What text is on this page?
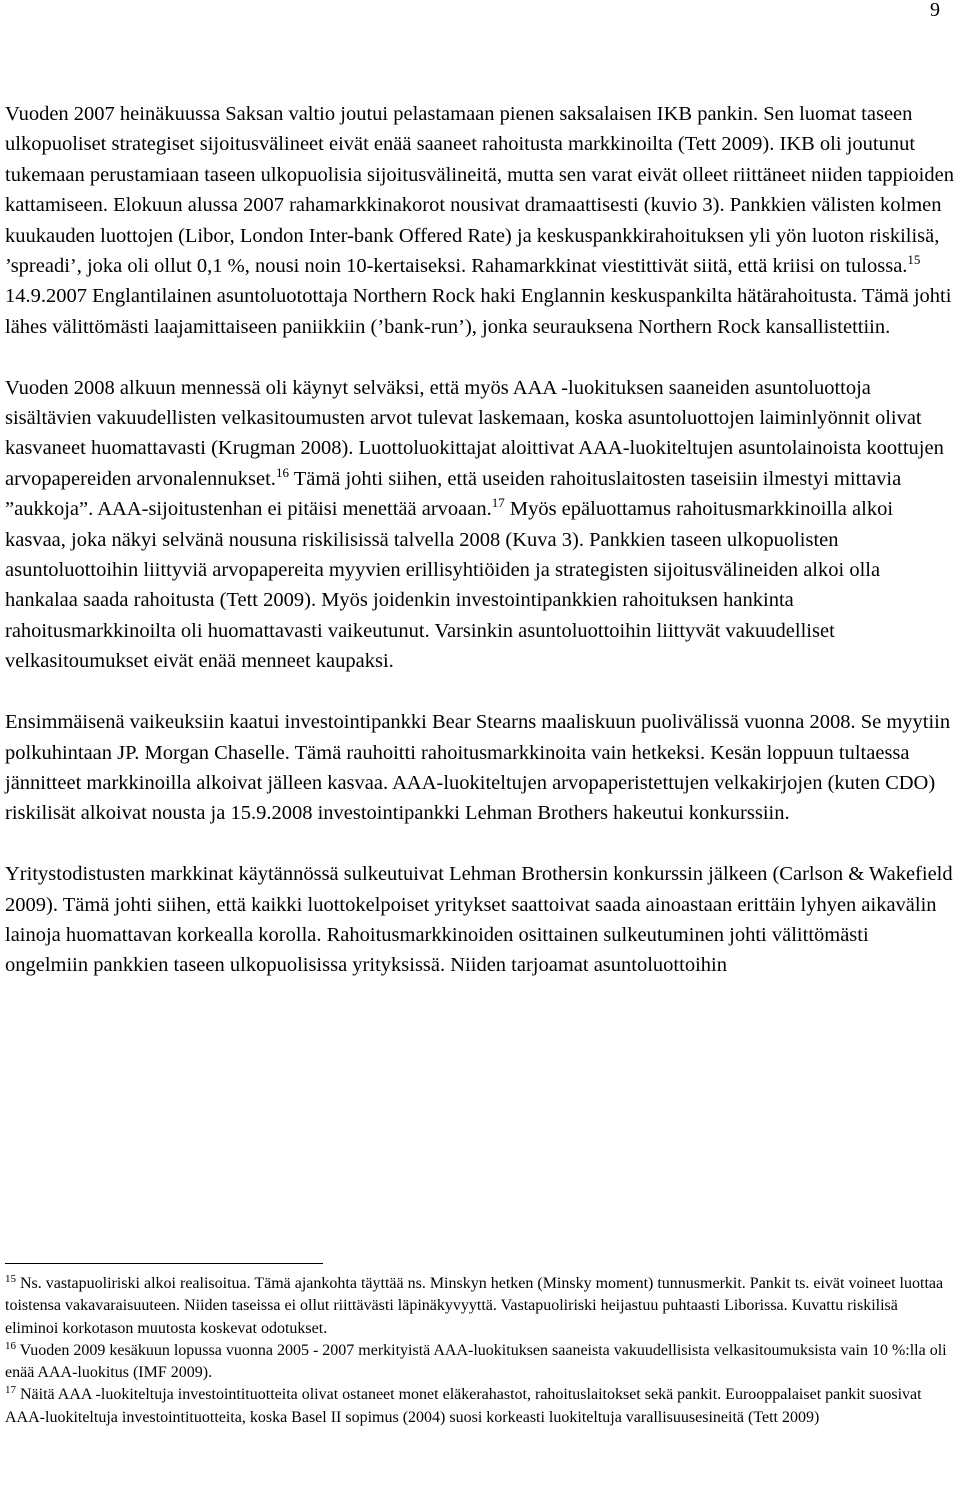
9

Vuoden 2007 heinäkuussa Saksan valtio joutui pelastamaan pienen saksalaisen IKB pankin. Sen luomat taseen ulkopuoliset strategiset sijoitusvälineet eivät enää saaneet rahoitusta markkinoilta (Tett 2009). IKB oli joutunut tukemaan perustamiaan taseen ulkopuolisia sijoitusvälineitä, mutta sen varat eivät olleet riittäneet niiden tappioiden kattamiseen. Elokuun alussa 2007 rahamarkkinakorot nousivat dramaattisesti (kuvio 3). Pankkien välisten kolmen kuukauden luottojen (Libor, London Inter-bank Offered Rate) ja keskuspankkirahoituksen yli yön luoton riskilisä, ’spreadi’, joka oli ollut 0,1 %, nousi noin 10-kertaiseksi. Rahamarkkinat viestittivät siitä, että kriisi on tulossa.$^{15}$ 14.9.2007 Englantilainen asuntoluotottaja Northern Rock haki Englannin keskuspankilta hätärahoitusta. Tämä johti lähes välittömästi laajamittaiseen paniikkiin (’bank-run’), jonka seurauksena Northern Rock kansallistettiin.

Vuoden 2008 alkuun mennessä oli käynyt selväksi, että myös AAA -luokituksen saaneiden asuntoluottoja sisältävien vakuudellisten velkasitoumusten arvot tulevat laskemaan, koska asuntoluottojen laiminlyönnit olivat kasvaneet huomattavasti (Krugman 2008). Luottoluokittajat aloittivat AAA-luokiteltujen asuntolainoista koottujen arvopapereiden arvonalennukset.$^{16}$ Tämä johti siihen, että useiden rahoituslaitosten taseisiin ilmestyi mittavia ”aukkoja”. AAA-sijoitustenhan ei pitäisi menettää arvoaan.$^{17}$ Myös epäluottamus rahoitusmarkkinoilla alkoi kasvaa, joka näkyi selvänä nousuna riskilisissä talvella 2008 (Kuva 3). Pankkien taseen ulkopuolisten asuntoluottoihin liittyviä arvopapereita myyvien erillisyhtiöiden ja strategisten sijoitusvälineiden alkoi olla hankalaa saada rahoitusta (Tett 2009). Myös joidenkin investointipankkien rahoituksen hankinta rahoitusmarkkinoilta oli huomattavasti vaikeutunut. Varsinkin asuntoluottoihin liittyvät vakuudelliset velkasitoumukset eivät enää menneet kaupaksi.

Ensimmäisenä vaikeuksiin kaatui investointipankki Bear Stearns maaliskuun puolivälissä vuonna 2008. Se myytiin polkuhintaan JP. Morgan Chaselle. Tämä rauhoitti rahoitusmarkkinoita vain hetkeksi. Kesän loppuun tultaessa jännitteet markkinoilla alkoivat jälleen kasvaa. AAA-luokiteltujen arvopaperistettujen velkakirjojen (kuten CDO) riskilisät alkoivat nousta ja 15.9.2008 investointipankki Lehman Brothers hakeutui konkurssiin.

Yritystodistusten markkinat käytännössä sulkeutuivat Lehman Brothersin konkurssin jälkeen (Carlson & Wakefield 2009). Tämä johti siihen, että kaikki luottokelpoiset yritykset saattoivat saada ainoastaan erittäin lyhyen aikavälin lainoja huomattavan korkealla korolla. Rahoitusmarkkinoiden osittainen sulkeutuminen johti välittömästi ongelmiin pankkien taseen ulkopuolisissa yrityksissä. Niiden tarjoamat asuntoluottoihin

$^{15}$ Ns. vastapuoliriski alkoi realisoitua. Tämä ajankohta täyttää ns. Minskyn hetken (Minsky moment) tunnusmerkit. Pankit ts. eivät voineet luottaa toistensa vakavaraisuuteen. Niiden taseissa ei ollut riittävästi läpinäkyvyyttä. Vastapuoliriski heijastuu puhtaasti Liborissa. Kuvattu riskilisä eliminoi korkotason muutosta koskevat odotukset.

$^{16}$ Vuoden 2009 kesäkuun lopussa vuonna 2005 - 2007 merkityistä AAA-luokituksen saaneista vakuudellisista velkasitoumuksista vain 10 %:lla oli enää AAA-luokitus (IMF 2009).

$^{17}$ Näitä AAA -luokiteltuja investointituotteita olivat ostaneet monet eläkerahastot, rahoituslaitokset sekä pankit. Eurooppalaiset pankit suosivat AAA-luokiteltuja investointituotteita, koska Basel II sopimus (2004) suosi korkeasti luokiteltuja varallisuusesineitä (Tett 2009)
